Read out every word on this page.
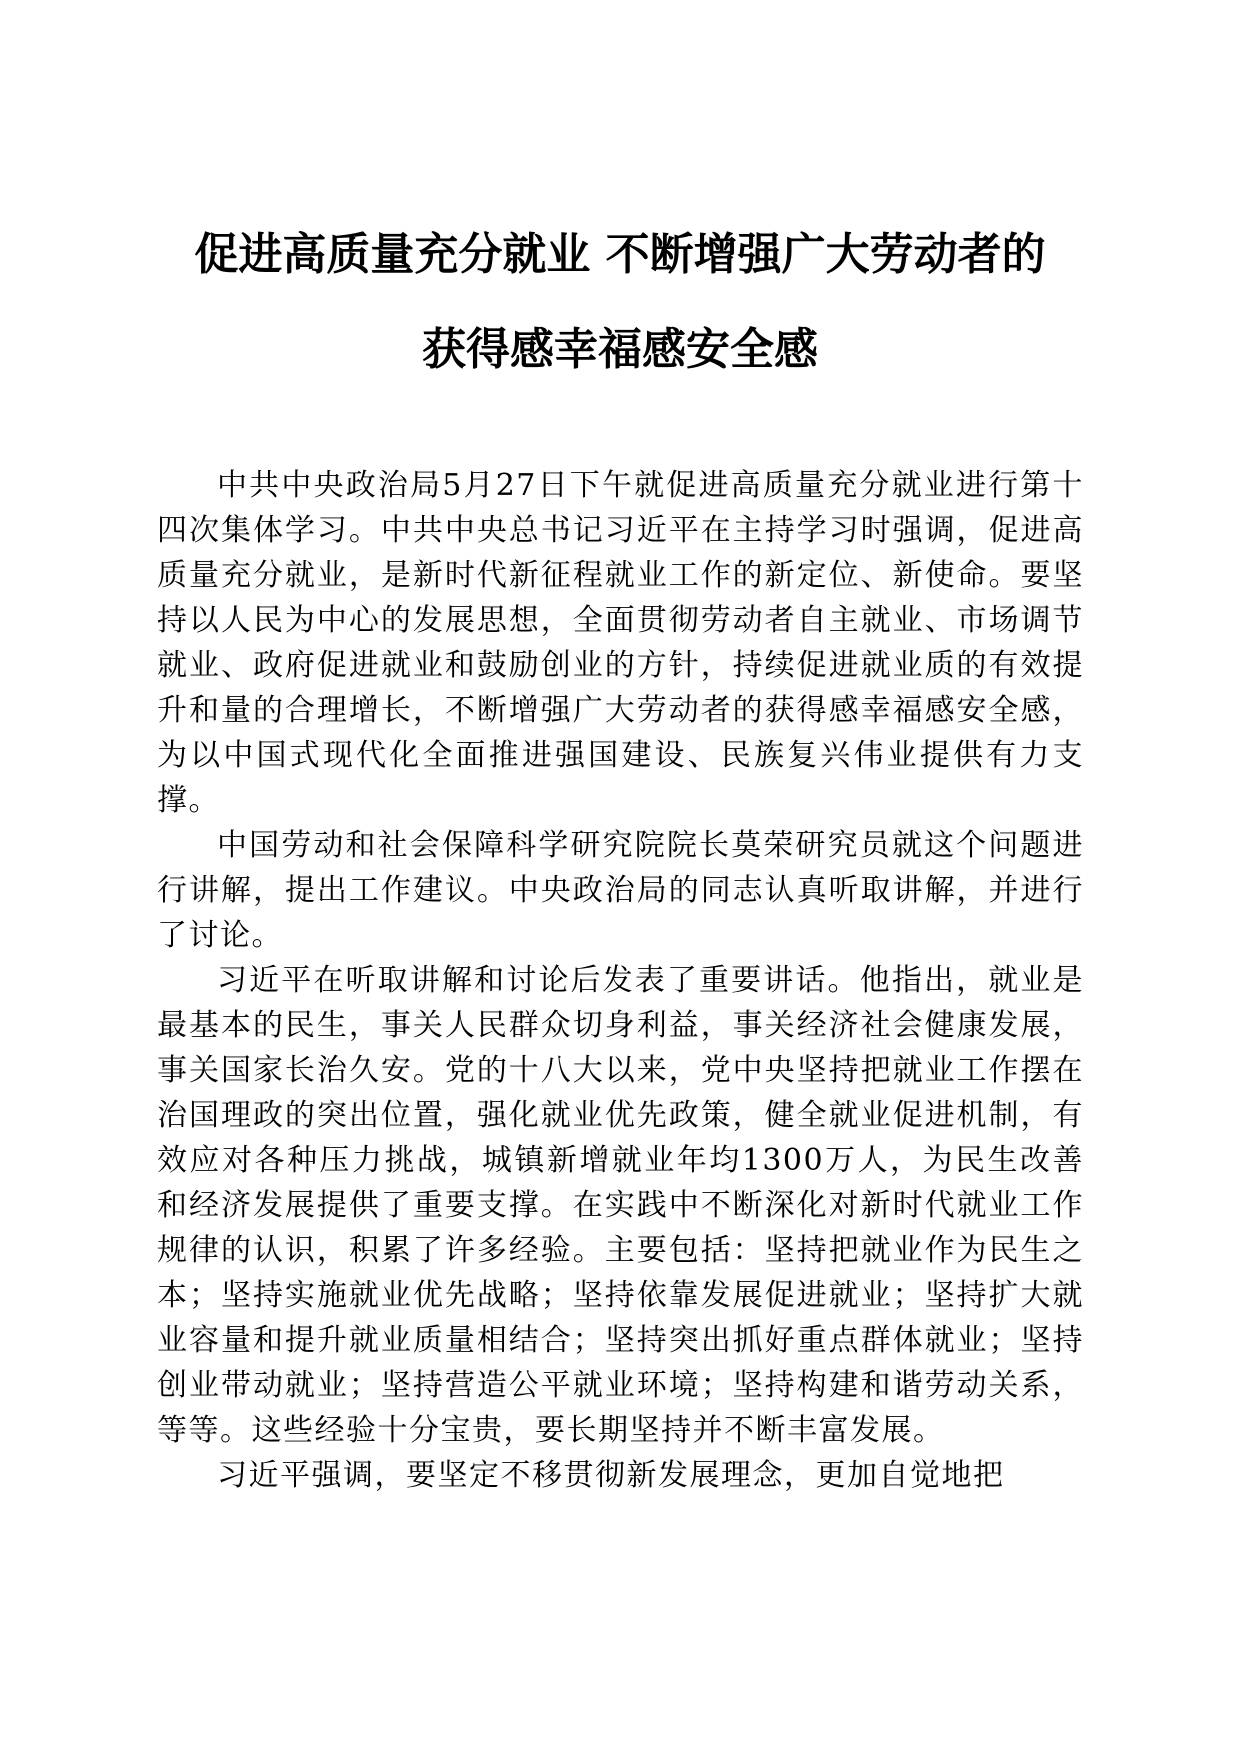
促进高质量充分就业 不断增强广大劳动者的
获得感幸福感安全感

中共中央政治局5月27日下午就促进高质量充分就业进行第十四次集体学习。中共中央总书记习近平在主持学习时强调，促进高质量充分就业，是新时代新征程就业工作的新定位、新使命。要坚持以人民为中心的发展思想，全面贯彻劳动者自主就业、市场调节就业、政府促进就业和鼓励创业的方针，持续促进就业质的有效提升和量的合理增长，不断增强广大劳动者的获得感幸福感安全感，为以中国式现代化全面推进强国建设、民族复兴伟业提供有力支撑。

中国劳动和社会保障科学研究院院长莫荣研究员就这个问题进行讲解，提出工作建议。中央政治局的同志认真听取讲解，并进行了讨论。

习近平在听取讲解和讨论后发表了重要讲话。他指出，就业是最基本的民生，事关人民群众切身利益，事关经济社会健康发展，事关国家长治久安。党的十八大以来，党中央坚持把就业工作摆在治国理政的突出位置，强化就业优先政策，健全就业促进机制，有效应对各种压力挑战，城镇新增就业年均1300万人，为民生改善和经济发展提供了重要支撑。在实践中不断深化对新时代就业工作规律的认识，积累了许多经验。主要包括：坚持把就业作为民生之本；坚持实施就业优先战略；坚持依靠发展促进就业；坚持扩大就业容量和提升就业质量相结合；坚持突出抓好重点群体就业；坚持创业带动就业；坚持营造公平就业环境；坚持构建和谐劳动关系，等等。这些经验十分宝贵，要长期坚持并不断丰富发展。

习近平强调，要坚定不移贯彻新发展理念，更加自觉地把
